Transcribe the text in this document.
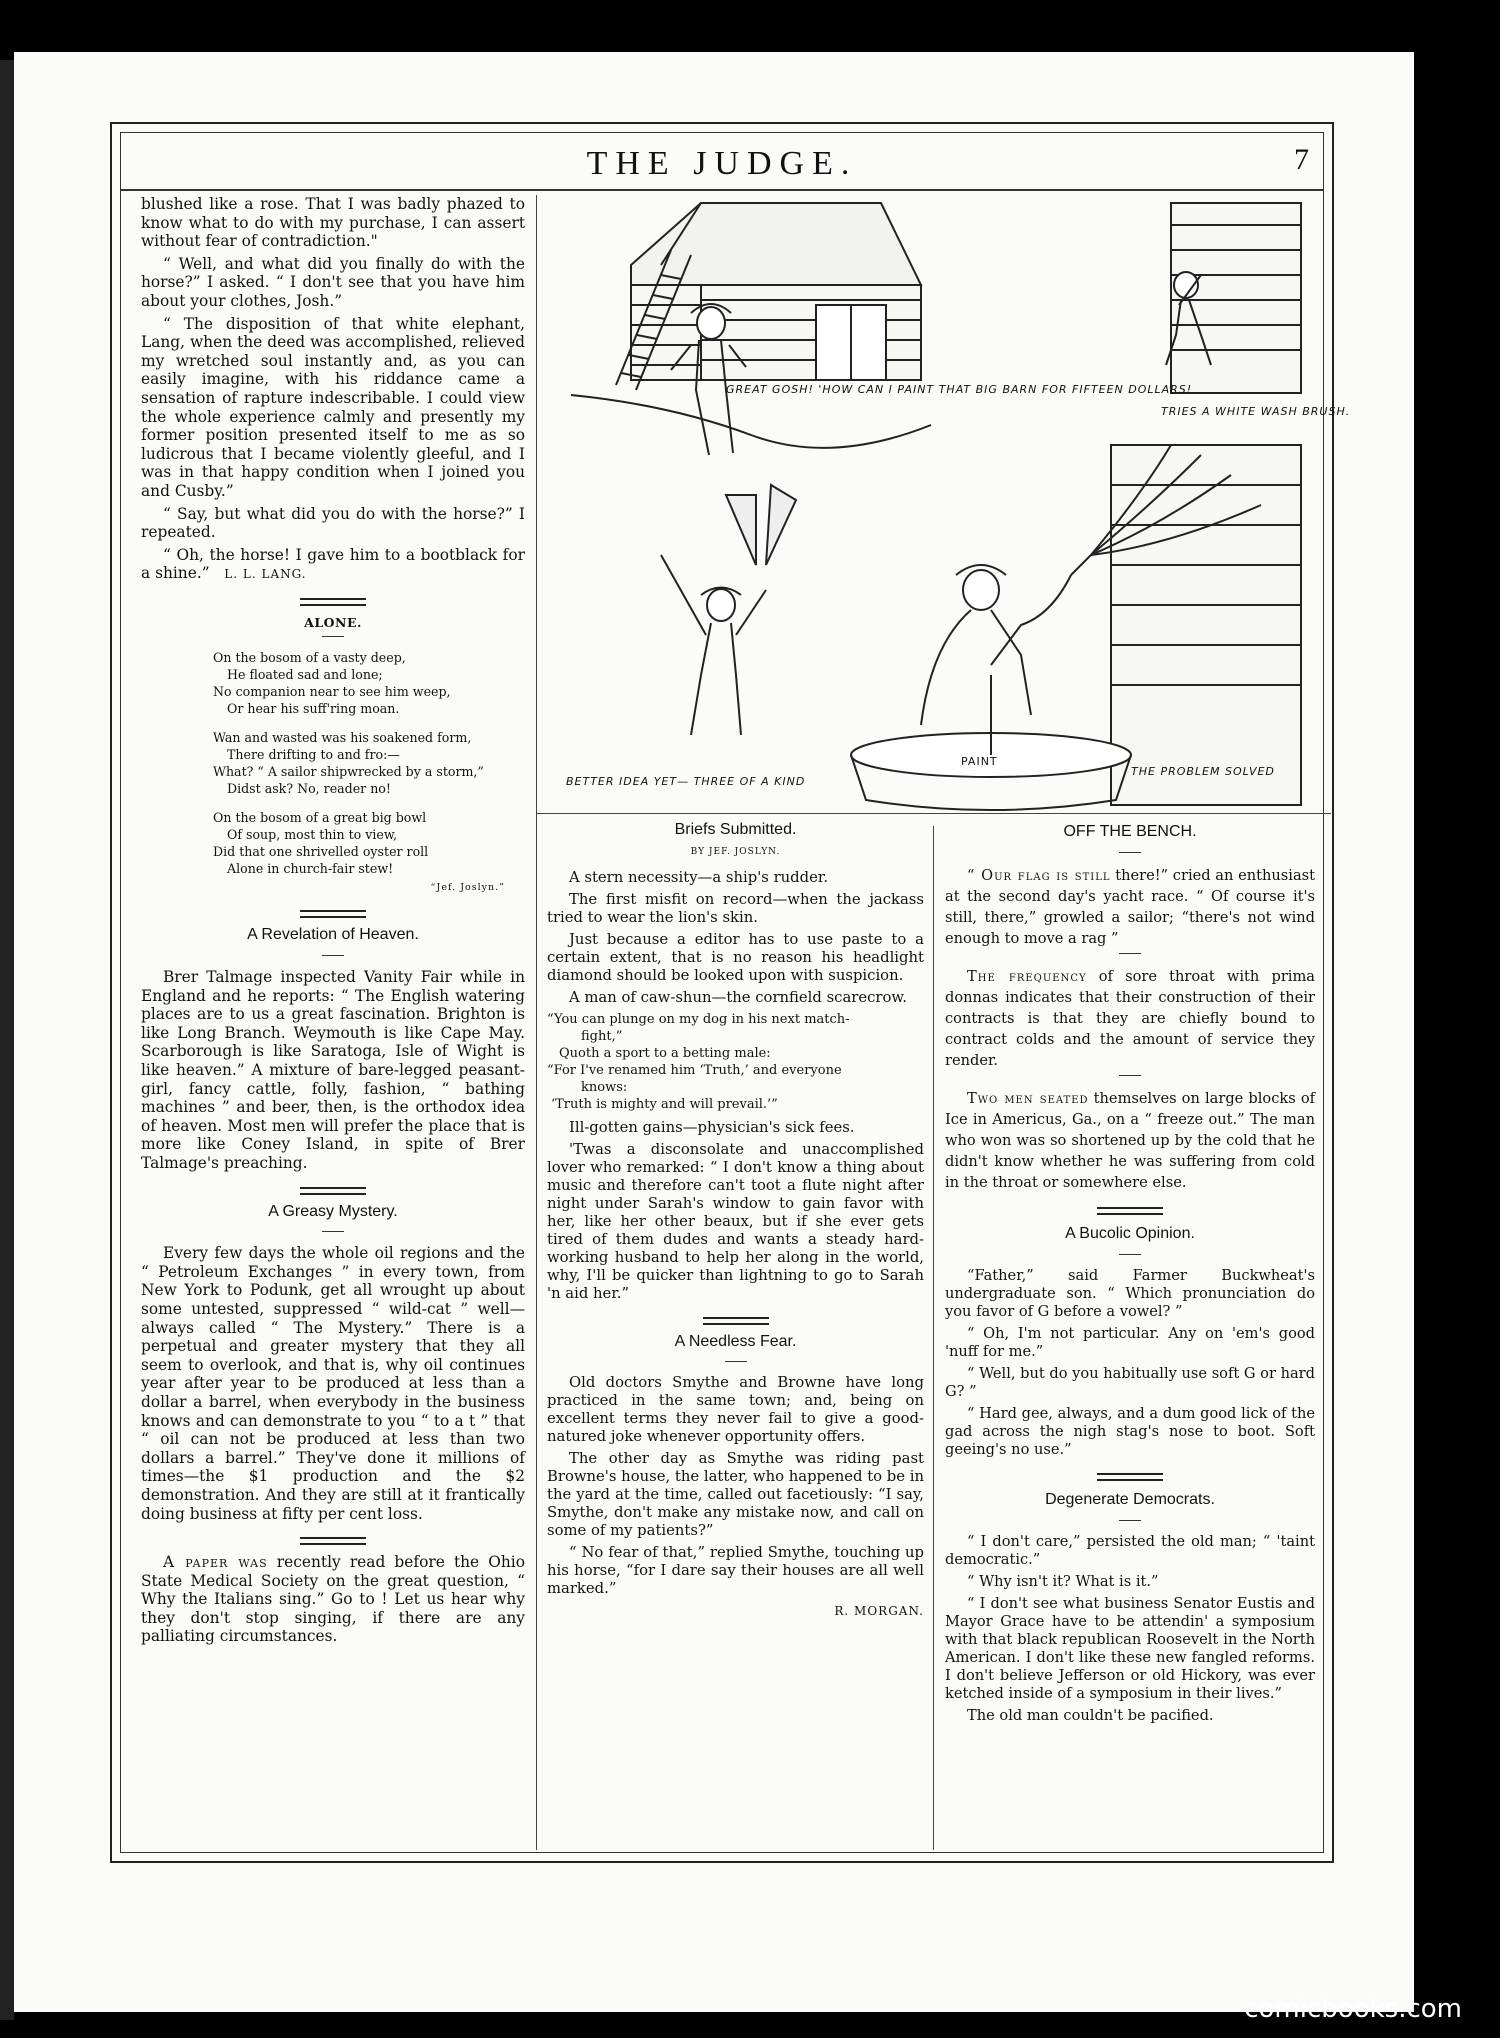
THE JUDGE.	7

blushed like a rose. That I was badly phazed to know what to do with my purchase, I can assert without fear of contradiction."

“ Well, and what did you finally do with the horse?” I asked. “ I don't see that you have him about your clothes, Josh.”

“ The disposition of that white elephant, Lang, when the deed was accomplished, relieved my wretched soul instantly and, as you can easily imagine, with his riddance came a sensation of rapture indescribable. I could view the whole experience calmly and presently my former position presented itself to me as so ludicrous that I became violently gleeful, and I was in that happy condition when I joined you and Cusby.”

“ Say, but what did you do with the horse?” I repeated.

“ Oh, the horse! I gave him to a bootblack for a shine.” L. L. LANG.

ALONE.
On the bosom of a vasty deep,
He floated sad and lone;
No companion near to see him weep,
Or hear his suff'ring moan.
Wan and wasted was his soakened form,
There drifting to and fro:—
What? “ A sailor shipwrecked by a storm,”
Didst ask? No, reader no!
On the bosom of a great big bowl
Of soup, most thin to view,
Did that one shrivelled oyster roll
Alone in church-fair stew!
“Jef. Joslyn.”
A Revelation of Heaven.

Brer Talmage inspected Vanity Fair while in England and he reports: “ The English watering places are to us a great fascination. Brighton is like Long Branch. Weymouth is like Cape May. Scarborough is like Saratoga, Isle of Wight is like heaven.” A mixture of bare-legged peasant-girl, fancy cattle, folly, fashion, “ bathing machines ” and beer, then, is the orthodox idea of heaven. Most men will prefer the place that is more like Coney Island, in spite of Brer Talmage's preaching.

A Greasy Mystery.

Every few days the whole oil regions and the “ Petroleum Exchanges ” in every town, from New York to Podunk, get all wrought up about some untested, suppressed “ wild-cat ” well—always called “ The Mystery.” There is a perpetual and greater mystery that they all seem to overlook, and that is, why oil continues year after year to be produced at less than a dollar a barrel, when everybody in the business knows and can demonstrate to you “ to a t ” that “ oil can not be produced at less than two dollars a barrel.” They've done it millions of times—the $1 production and the $2 demonstration. And they are still at it frantically doing business at fifty per cent loss.

A paper was recently read before the Ohio State Medical Society on the great question, “ Why the Italians sing.” Go to ! Let us hear why they don't stop singing, if there are any palliating circumstances.

GREAT GOSH! 'HOW CAN I PAINT THAT BIG BARN FOR FIFTEEN DOLLARS!
TRIES A WHITE WASH BRUSH.
BETTER IDEA YET— THREE OF A KIND
PAINT
THE PROBLEM SOLVED
Briefs Submitted.
BY JEF. JOSLYN.

A stern necessity—a ship's rudder.

The first misfit on record—when the jackass tried to wear the lion's skin.

Just because a editor has to use paste to a certain extent, that is no reason his headlight diamond should be looked upon with suspicion.

A man of caw-shun—the cornfield scarecrow.

“You can plunge on my dog in his next match-
fight,”
Quoth a sport to a betting male:
“For I've renamed him ‘Truth,’ and everyone
knows:
‘Truth is mighty and will prevail.’”

Ill-gotten gains—physician's sick fees.

'Twas a disconsolate and unaccomplished lover who remarked: “ I don't know a thing about music and therefore can't toot a flute night after night under Sarah's window to gain favor with her, like her other beaux, but if she ever gets tired of them dudes and wants a steady hard-working husband to help her along in the world, why, I'll be quicker than lightning to go to Sarah 'n aid her.”

A Needless Fear.

Old doctors Smythe and Browne have long practiced in the same town; and, being on excellent terms they never fail to give a good-natured joke whenever opportunity offers.

The other day as Smythe was riding past Browne's house, the latter, who happened to be in the yard at the time, called out facetiously: “I say, Smythe, don't make any mistake now, and call on some of my patients?”

“ No fear of that,” replied Smythe, touching up his horse, “for I dare say their houses are all well marked.”

R. MORGAN.
OFF THE BENCH.

“ Our flag is still there!” cried an enthusiast at the second day's yacht race. “ Of course it's still, there,” growled a sailor; “there's not wind enough to move a rag ”

The frequency of sore throat with prima donnas indicates that their construction of their contracts is that they are chiefly bound to contract colds and the amount of service they render.

Two men seated themselves on large blocks of Ice in Americus, Ga., on a “ freeze out.” The man who won was so shortened up by the cold that he didn't know whether he was suffering from cold in the throat or somewhere else.

A Bucolic Opinion.

“Father,” said Farmer Buckwheat's undergraduate son. “ Which pronunciation do you favor of G before a vowel? ”

“ Oh, I'm not particular. Any on 'em's good 'nuff for me.”

“ Well, but do you habitually use soft G or hard G? ”

“ Hard gee, always, and a dum good lick of the gad across the nigh stag's nose to boot. Soft geeing's no use.”

Degenerate Democrats.

“ I don't care,” persisted the old man; “ 'taint democratic.”

“ Why isn't it? What is it.”

“ I don't see what business Senator Eustis and Mayor Grace have to be attendin' a symposium with that black republican Roosevelt in the North American. I don't like these new fangled reforms. I don't believe Jefferson or old Hickory, was ever ketched inside of a symposium in their lives.”

The old man couldn't be pacified.

comicbooks.com
